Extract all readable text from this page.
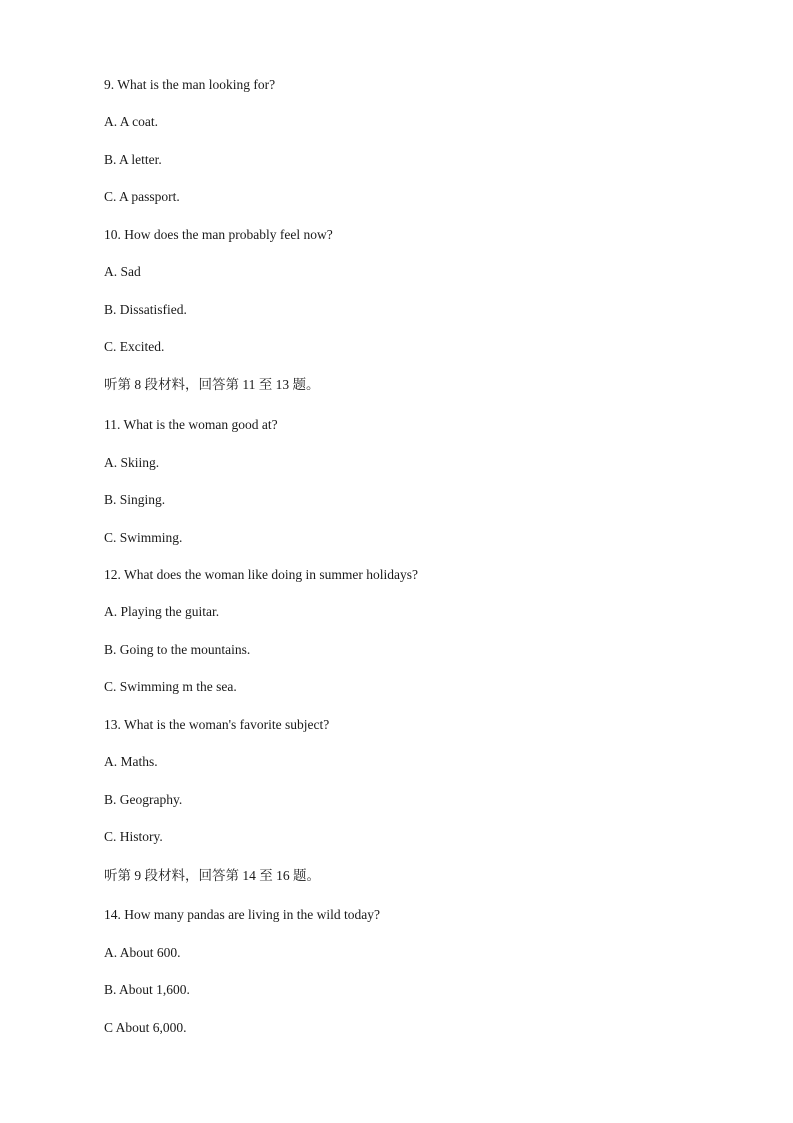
9. What is the man looking for?
A. A coat.
B. A letter.
C. A passport.
10. How does the man probably feel now?
A. Sad
B. Dissatisfied.
C. Excited.
听第 8 段材料，回答第 11 至 13 题。
11. What is the woman good at?
A. Skiing.
B. Singing.
C. Swimming.
12. What does the woman like doing in summer holidays?
A. Playing the guitar.
B. Going to the mountains.
C. Swimming m the sea.
13. What is the woman's favorite subject?
A. Maths.
B. Geography.
C. History.
听第 9 段材料，回答第 14 至 16 题。
14. How many pandas are living in the wild today?
A. About 600.
B. About 1,600.
C About 6,000.
